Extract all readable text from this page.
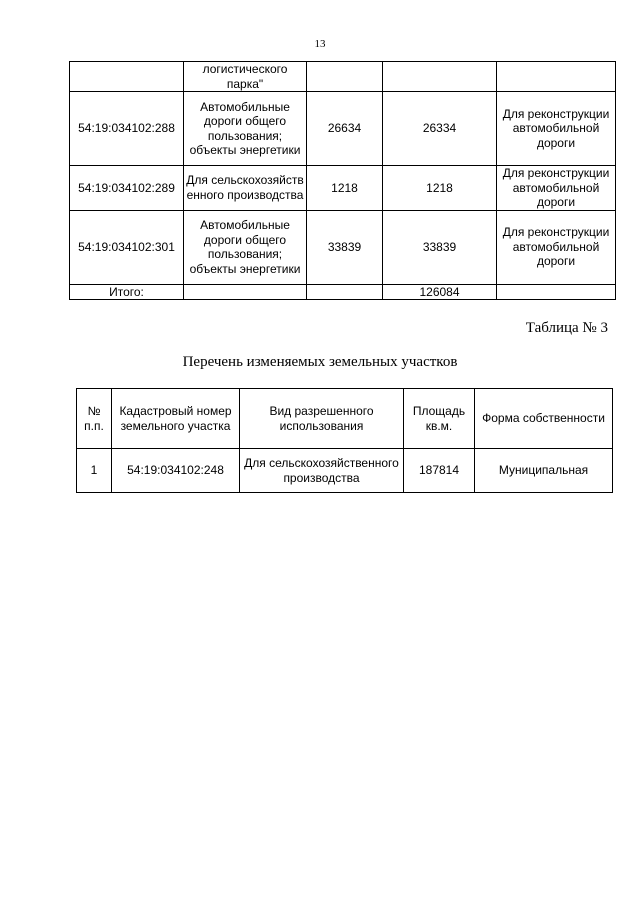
13
	логистического парка"			
54:19:034102:288	Автомобильные дороги общего пользования; объекты энергетики	26634	26334	Для реконструкции автомобильной дороги
54:19:034102:289	Для сельскохозяйственного производства	1218	1218	Для реконструкции автомобильной дороги
54:19:034102:301	Автомобильные дороги общего пользования; объекты энергетики	33839	33839	Для реконструкции автомобильной дороги
Итого:			126084	
Таблица № 3
Перечень изменяемых земельных участков
№ п.п.	Кадастровый номер земельного участка	Вид разрешенного использования	Площадь кв.м.	Форма собственности
1	54:19:034102:248	Для сельскохозяйственного производства	187814	Муниципальная
